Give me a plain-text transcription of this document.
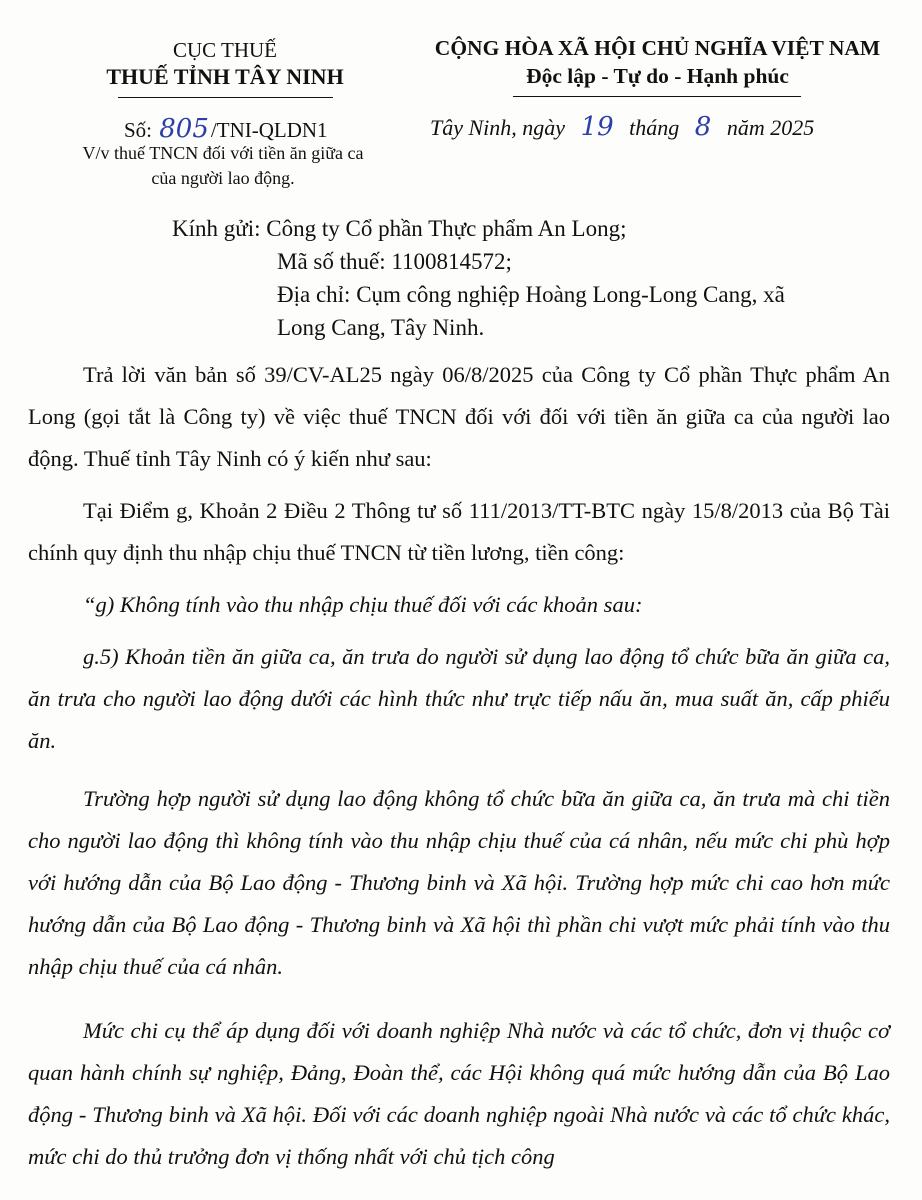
CỤC THUẾ
THUẾ TỈNH TÂY NINH
Số: 805/TNI-QLDN1
V/v thuế TNCN đối với tiền ăn giữa ca
của người lao động.
CỘNG HÒA XÃ HỘI CHỦ NGHĨA VIỆT NAM
Độc lập - Tự do - Hạnh phúc
Tây Ninh, ngày 19 tháng 8 năm 2025
Kính gửi: Công ty Cổ phần Thực phẩm An Long;
Mã số thuế: 1100814572;
Địa chỉ: Cụm công nghiệp Hoàng Long-Long Cang, xã
Long Cang, Tây Ninh.
Trả lời văn bản số 39/CV-AL25 ngày 06/8/2025 của Công ty Cổ phần Thực phẩm An Long (gọi tắt là Công ty) về việc thuế TNCN đối với đối với tiền ăn giữa ca của người lao động. Thuế tỉnh Tây Ninh có ý kiến như sau:
Tại Điểm g, Khoản 2 Điều 2 Thông tư số 111/2013/TT-BTC ngày 15/8/2013 của Bộ Tài chính quy định thu nhập chịu thuế TNCN từ tiền lương, tiền công:
“g) Không tính vào thu nhập chịu thuế đối với các khoản sau:
g.5) Khoản tiền ăn giữa ca, ăn trưa do người sử dụng lao động tổ chức bữa ăn giữa ca, ăn trưa cho người lao động dưới các hình thức như trực tiếp nấu ăn, mua suất ăn, cấp phiếu ăn.
Trường hợp người sử dụng lao động không tổ chức bữa ăn giữa ca, ăn trưa mà chi tiền cho người lao động thì không tính vào thu nhập chịu thuế của cá nhân, nếu mức chi phù hợp với hướng dẫn của Bộ Lao động - Thương binh và Xã hội. Trường hợp mức chi cao hơn mức hướng dẫn của Bộ Lao động - Thương binh và Xã hội thì phần chi vượt mức phải tính vào thu nhập chịu thuế của cá nhân.
Mức chi cụ thể áp dụng đối với doanh nghiệp Nhà nước và các tổ chức, đơn vị thuộc cơ quan hành chính sự nghiệp, Đảng, Đoàn thể, các Hội không quá mức hướng dẫn của Bộ Lao động - Thương binh và Xã hội. Đối với các doanh nghiệp ngoài Nhà nước và các tổ chức khác, mức chi do thủ trưởng đơn vị thống nhất với chủ tịch công
